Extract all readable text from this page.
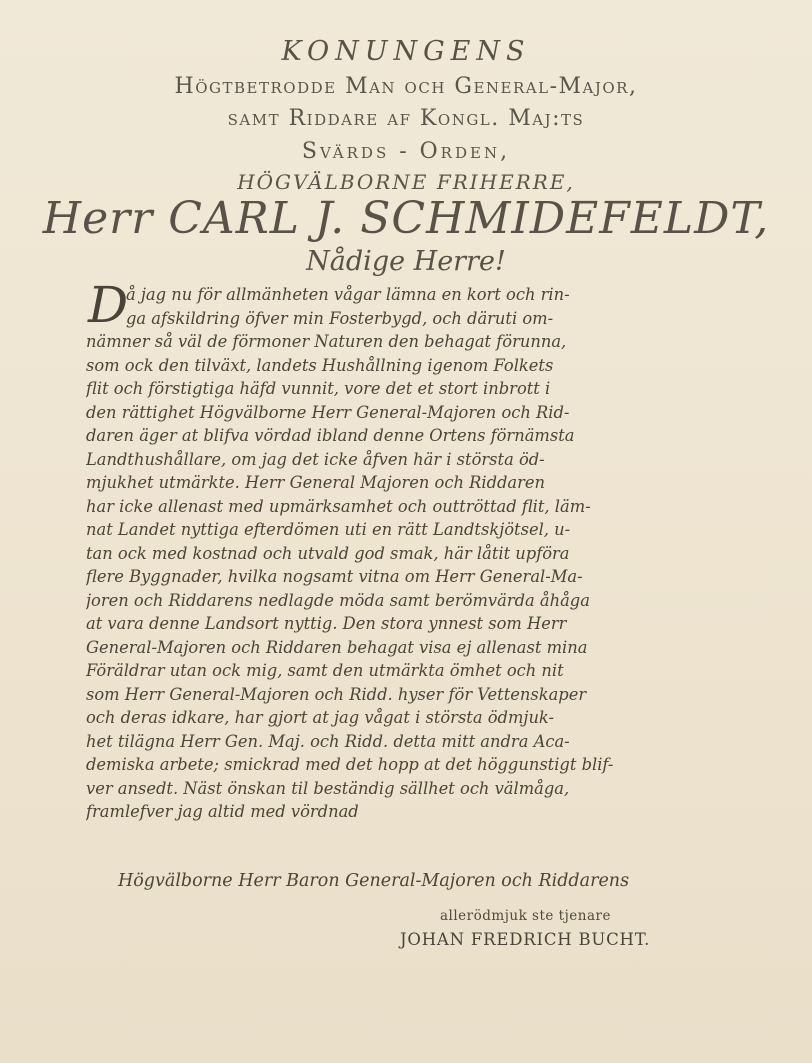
KONUNGENS
Högtbetrodde Man och General-Major,
samt Riddare af Kongl. Maj:ts
Svärds - Orden,
HÖGVÄLBORNE FRIHERRE,
Herr CARL J. SCHMIDEFELDT,
Nådige Herre!
D
å jag nu för allmänheten vågar lämna en kort och rin-
ga afskildring öfver min Fosterbygd, och däruti om-
nämner så väl de förmoner Naturen den behagat förunna,
som ock den tilväxt, landets Hushållning igenom Folkets
flit och förstigtiga häfd vunnit, vore det et stort inbrott i
den rättighet Högvälborne Herr General-Majoren och Rid-
daren äger at blifva vördad ibland denne Ortens förnämsta
Landthushållare, om jag det icke åfven här i största öd-
mjukhet utmärkte. Herr General Majoren och Riddaren
har icke allenast med upmärksamhet och outtröttad flit, läm-
nat Landet nyttiga efterdömen uti en rätt Landtskjötsel, u-
tan ock med kostnad och utvald god smak, här låtit upföra
flere Byggnader, hvilka nogsamt vitna om Herr General-Ma-
joren och Riddarens nedlagde möda samt berömvärda åhåga
at vara denne Landsort nyttig. Den stora ynnest som Herr
General-Majoren och Riddaren behagat visa ej allenast mina
Föräldrar utan ock mig, samt den utmärkta ömhet och nit
som Herr General-Majoren och Ridd. hyser för Vettenskaper
och deras idkare, har gjort at jag vågat i största ödmjuk-
het tilägna Herr Gen. Maj. och Ridd. detta mitt andra Aca-
demiska arbete; smickrad med det hopp at det höggunstigt blif-
ver ansedt. Näst önskan til beständig sällhet och välmåga,
framlefver jag altid med vördnad
Högvälborne Herr Baron General-Majoren och Riddarens
allerödmjuk ste tjenare
JOHAN FREDRICH BUCHT.
